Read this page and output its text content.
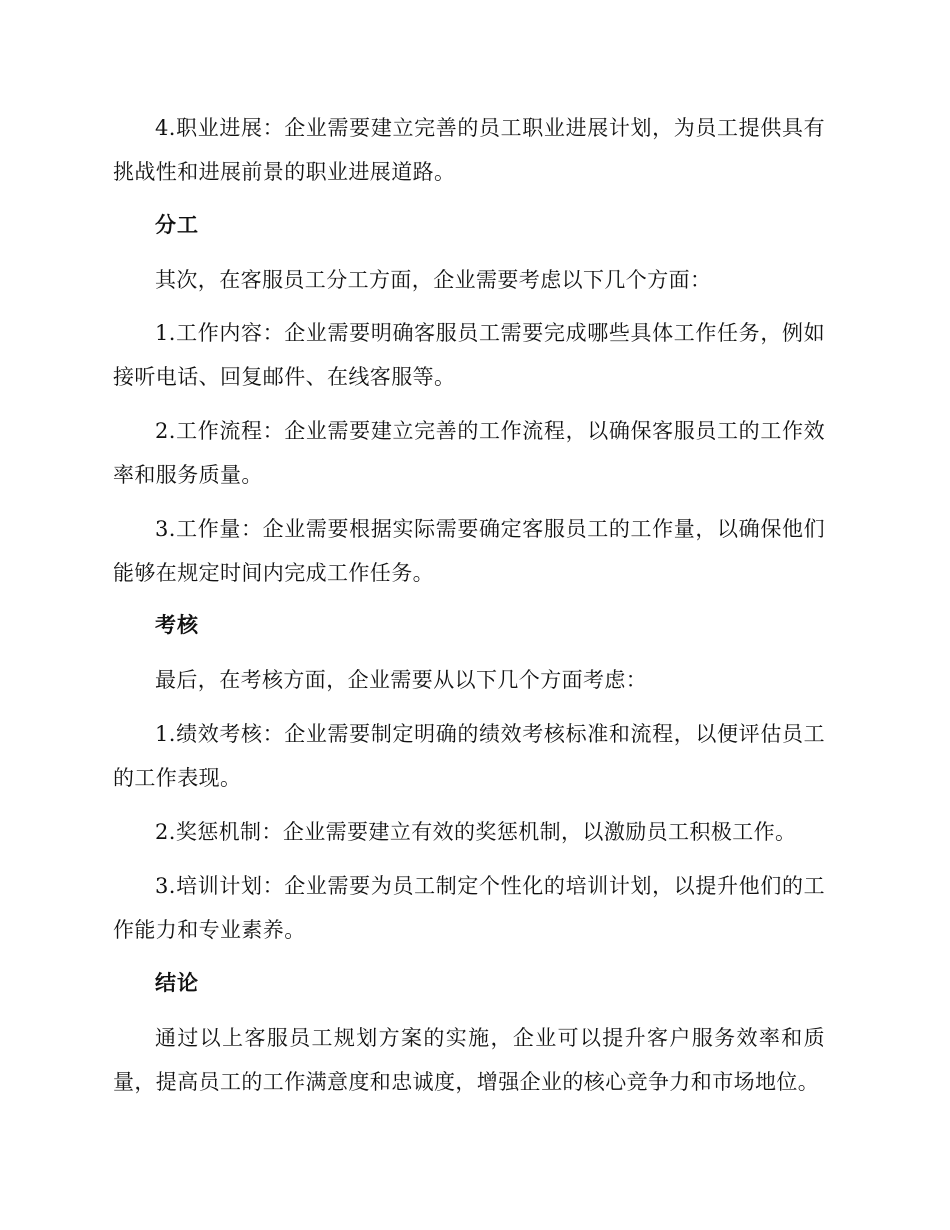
4.职业进展：企业需要建立完善的员工职业进展计划，为员工提供具有挑战性和进展前景的职业进展道路。

分工

其次，在客服员工分工方面，企业需要考虑以下几个方面：

1.工作内容：企业需要明确客服员工需要完成哪些具体工作任务，例如接听电话、回复邮件、在线客服等。

2.工作流程：企业需要建立完善的工作流程，以确保客服员工的工作效率和服务质量。

3.工作量：企业需要根据实际需要确定客服员工的工作量，以确保他们能够在规定时间内完成工作任务。

考核

最后，在考核方面，企业需要从以下几个方面考虑：

1.绩效考核：企业需要制定明确的绩效考核标准和流程，以便评估员工的工作表现。

2.奖惩机制：企业需要建立有效的奖惩机制，以激励员工积极工作。

3.培训计划：企业需要为员工制定个性化的培训计划，以提升他们的工作能力和专业素养。

结论

通过以上客服员工规划方案的实施，企业可以提升客户服务效率和质量，提高员工的工作满意度和忠诚度，增强企业的核心竞争力和市场地位。
